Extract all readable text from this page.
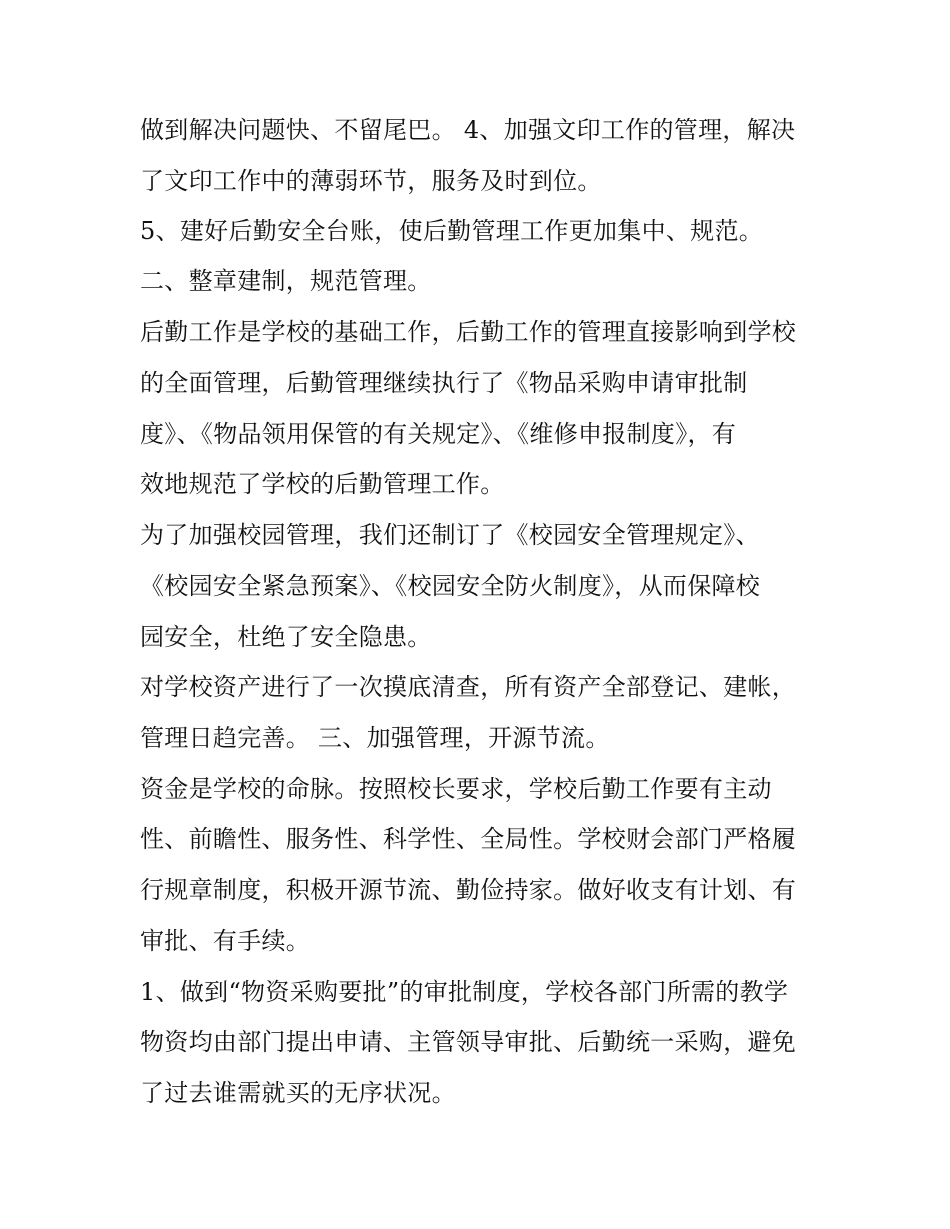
做到解决问题快、不留尾巴。 4、加强文印工作的管理，解决
了文印工作中的薄弱环节，服务及时到位。
5、建好后勤安全台账，使后勤管理工作更加集中、规范。
二、整章建制，规范管理。
后勤工作是学校的基础工作，后勤工作的管理直接影响到学校
的全面管理，后勤管理继续执行了《物品采购申请审批制
度》、《物品领用保管的有关规定》、《维修申报制度》，有
效地规范了学校的后勤管理工作。
为了加强校园管理，我们还制订了《校园安全管理规定》、
《校园安全紧急预案》、《校园安全防火制度》，从而保障校
园安全，杜绝了安全隐患。
对学校资产进行了一次摸底清查，所有资产全部登记、建帐，
管理日趋完善。 三、加强管理，开源节流。
资金是学校的命脉。按照校长要求，学校后勤工作要有主动
性、前瞻性、服务性、科学性、全局性。学校财会部门严格履
行规章制度，积极开源节流、勤俭持家。做好收支有计划、有
审批、有手续。
1、做到“物资采购要批”的审批制度，学校各部门所需的教学
物资均由部门提出申请、主管领导审批、后勤统一采购，避免
了过去谁需就买的无序状况。
